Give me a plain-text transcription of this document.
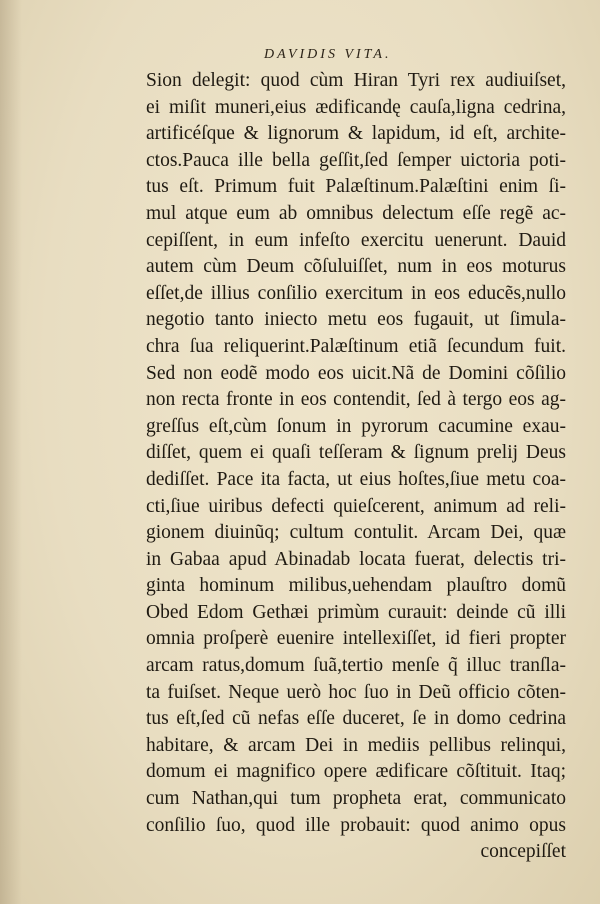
DAVIDIS VITA.
Sion delegit: quod cùm Hiran Tyri rex audiuiſset,
ei miſit muneri,eius ædificandę cauſa,ligna cedrina,
artificéſque & lignorum & lapidum, id eſt, archite-
ctos.Pauca ille bella geſſit,ſed ſemper uictoria poti-
tus eſt. Primum fuit Palæſtinum.Palæſtini enim ſi-
mul atque eum ab omnibus delectum eſſe regẽ ac-
cepiſſent, in eum infeſto exercitu uenerunt. Dauid
autem cùm Deum cõſuluiſſet, num in eos moturus
eſſet,de illius conſilio exercitum in eos educẽs,nullo
negotio tanto iniecto metu eos fugauit, ut ſimula-
chra ſua reliquerint.Palæſtinum etiã ſecundum fuit.
Sed non eodẽ modo eos uicit.Nã de Domini cõſilio
non recta fronte in eos contendit, ſed à tergo eos ag-
greſſus eſt,cùm ſonum in pyrorum cacumine exau-
diſſet, quem ei quaſi teſſeram & ſignum prelij Deus
dediſſet. Pace ita facta, ut eius hoſtes,ſiue metu coa-
cti,ſiue uiribus defecti quieſcerent, animum ad reli-
gionem diuinũq; cultum contulit. Arcam Dei, quæ
in Gabaa apud Abinadab locata fuerat, delectis tri-
ginta hominum milibus,uehendam plauſtro domũ
Obed Edom Gethæi primùm curauit: deinde cũ illi
omnia proſperè euenire intellexiſſet, id fieri propter
arcam ratus,domum ſuã,tertio menſe q̃ illuc tranſla-
ta fuiſset. Neque uerò hoc ſuo in Deũ officio cõten-
tus eſt,ſed cũ nefas eſſe duceret, ſe in domo cedrina
habitare, & arcam Dei in mediis pellibus relinqui,
domum ei magnifico opere ædificare cõſtituit. Itaq;
cum Nathan,qui tum propheta erat, communicato
conſilio ſuo, quod ille probauit: quod animo opus
concepiſſet
